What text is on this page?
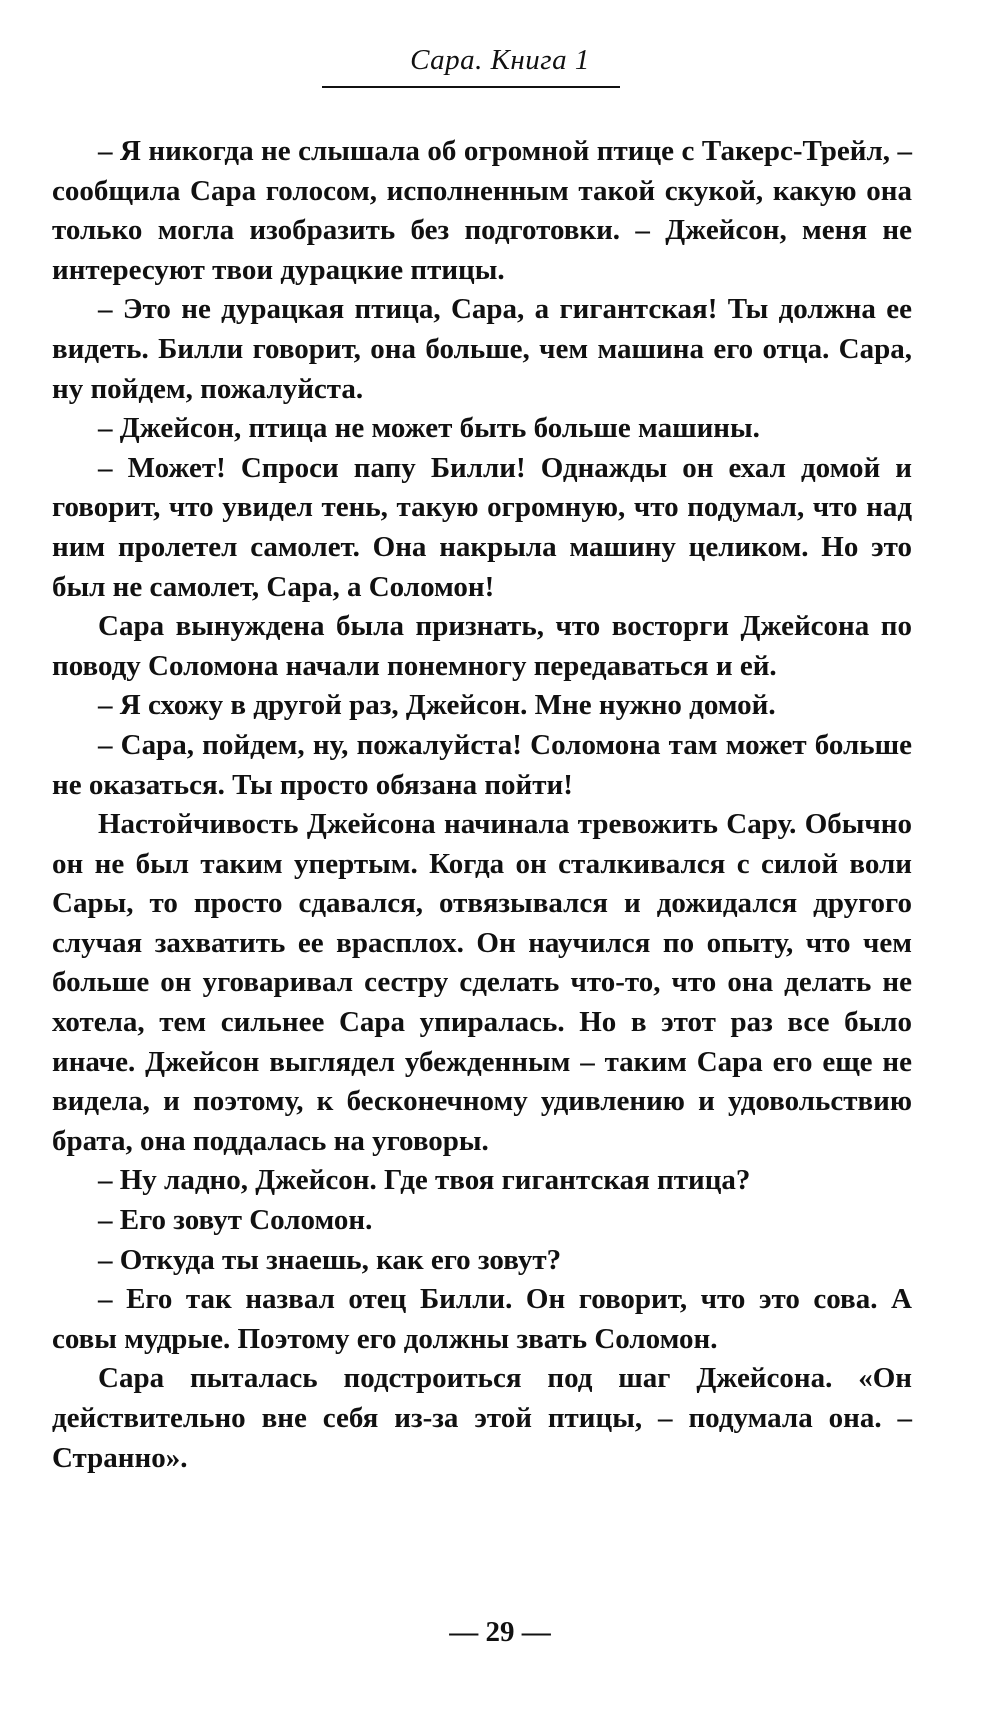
Сара. Книга 1

– Я никогда не слышала об огромной птице с Такерс-Трейл, – сообщила Сара голосом, исполненным такой скукой, какую она только могла изобразить без подготовки. – Джейсон, меня не интересуют твои дурацкие птицы.

– Это не дурацкая птица, Сара, а гигантская! Ты должна ее видеть. Билли говорит, она больше, чем машина его отца. Сара, ну пойдем, пожалуйста.

– Джейсон, птица не может быть больше машины.

– Может! Спроси папу Билли! Однажды он ехал домой и говорит, что увидел тень, такую огромную, что подумал, что над ним пролетел самолет. Она накрыла машину целиком. Но это был не самолет, Сара, а Соломон!

Сара вынуждена была признать, что восторги Джейсона по поводу Соломона начали понемногу передаваться и ей.

– Я схожу в другой раз, Джейсон. Мне нужно домой.

– Сара, пойдем, ну, пожалуйста! Соломона там может больше не оказаться. Ты просто обязана пойти!

Настойчивость Джейсона начинала тревожить Сару. Обычно он не был таким упертым. Когда он сталкивался с силой воли Сары, то просто сдавался, отвязывался и дожидался другого случая захватить ее врасплох. Он научился по опыту, что чем больше он уговаривал сестру сделать что-то, что она делать не хотела, тем сильнее Сара упиралась. Но в этот раз все было иначе. Джейсон выглядел убежденным – таким Сара его еще не видела, и поэтому, к бесконечному удивлению и удовольствию брата, она поддалась на уговоры.

– Ну ладно, Джейсон. Где твоя гигантская птица?

– Его зовут Соломон.

– Откуда ты знаешь, как его зовут?

– Его так назвал отец Билли. Он говорит, что это сова. А совы мудрые. Поэтому его должны звать Соломон.

Сара пыталась подстроиться под шаг Джейсона. «Он действительно вне себя из-за этой птицы, – подумала она. – Странно».

— 29 —
